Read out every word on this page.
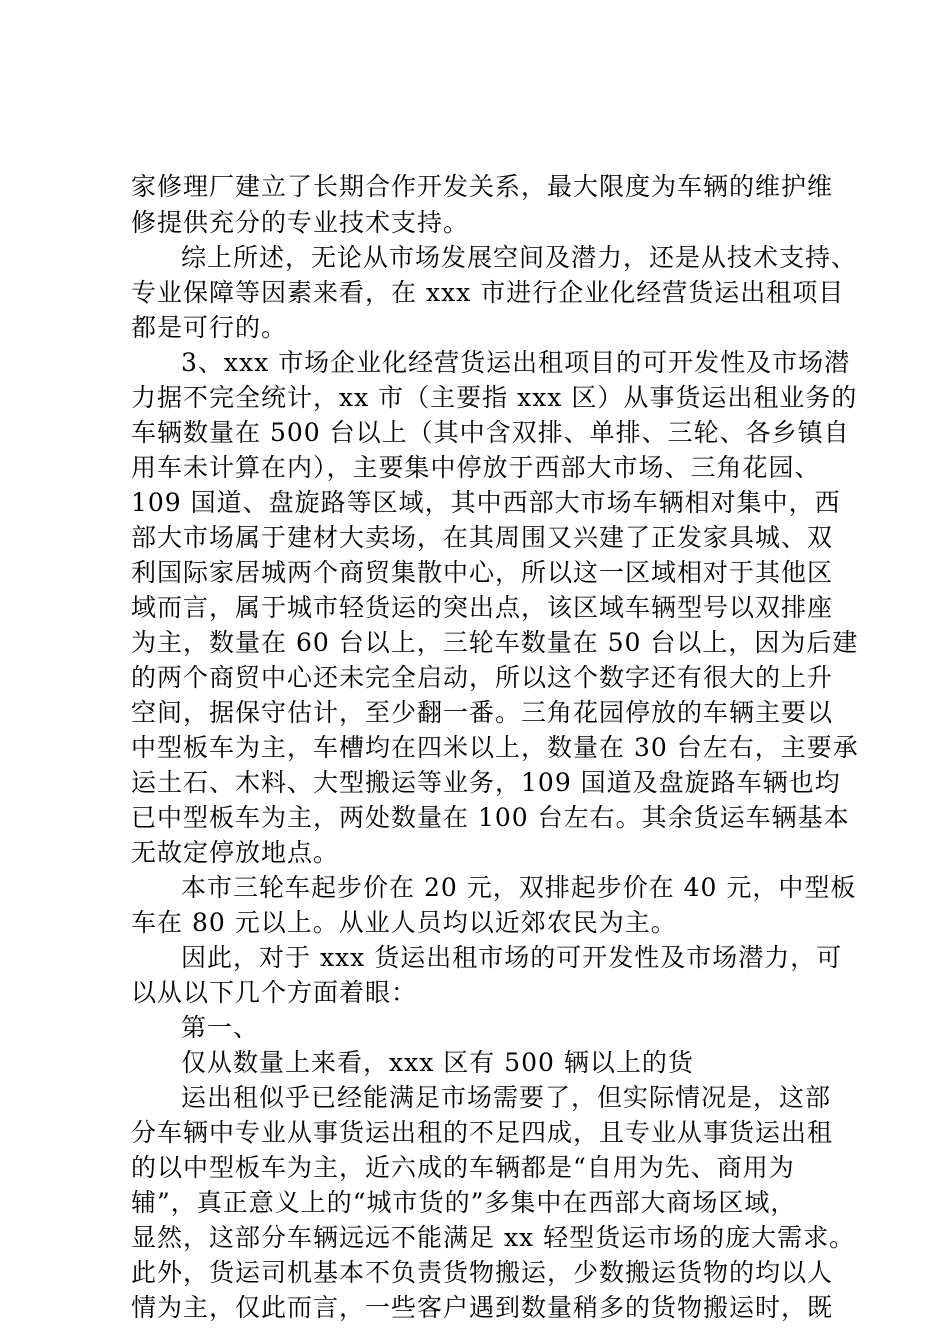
家修理厂建立了长期合作开发关系，最大限度为车辆的维护维
修提供充分的专业技术支持。
综上所述，无论从市场发展空间及潜力，还是从技术支持、
专业保障等因素来看，在 xxx 市进行企业化经营货运出租项目
都是可行的。
3、xxx 市场企业化经营货运出租项目的可开发性及市场潜
力据不完全统计，xx 市（主要指 xxx 区）从事货运出租业务的
车辆数量在 500 台以上（其中含双排、单排、三轮、各乡镇自
用车未计算在内），主要集中停放于西部大市场、三角花园、
109 国道、盘旋路等区域，其中西部大市场车辆相对集中，西
部大市场属于建材大卖场，在其周围又兴建了正发家具城、双
利国际家居城两个商贸集散中心，所以这一区域相对于其他区
域而言，属于城市轻货运的突出点，该区域车辆型号以双排座
为主，数量在 60 台以上，三轮车数量在 50 台以上，因为后建
的两个商贸中心还未完全启动，所以这个数字还有很大的上升
空间，据保守估计，至少翻一番。三角花园停放的车辆主要以
中型板车为主，车槽均在四米以上，数量在 30 台左右，主要承
运土石、木料、大型搬运等业务，109 国道及盘旋路车辆也均
已中型板车为主，两处数量在 100 台左右。其余货运车辆基本
无故定停放地点。
本市三轮车起步价在 20 元，双排起步价在 40 元，中型板
车在 80 元以上。从业人员均以近郊农民为主。
因此，对于 xxx 货运出租市场的可开发性及市场潜力，可
以从以下几个方面着眼：
第一、
仅从数量上来看，xxx 区有 500 辆以上的货
运出租似乎已经能满足市场需要了，但实际情况是，这部
分车辆中专业从事货运出租的不足四成，且专业从事货运出租
的以中型板车为主，近六成的车辆都是“自用为先、商用为
辅”，真正意义上的“城市货的”多集中在西部大商场区域，
显然，这部分车辆远远不能满足 xx 轻型货运市场的庞大需求。
此外，货运司机基本不负责货物搬运，少数搬运货物的均以人
情为主，仅此而言，一些客户遇到数量稍多的货物搬运时，既
